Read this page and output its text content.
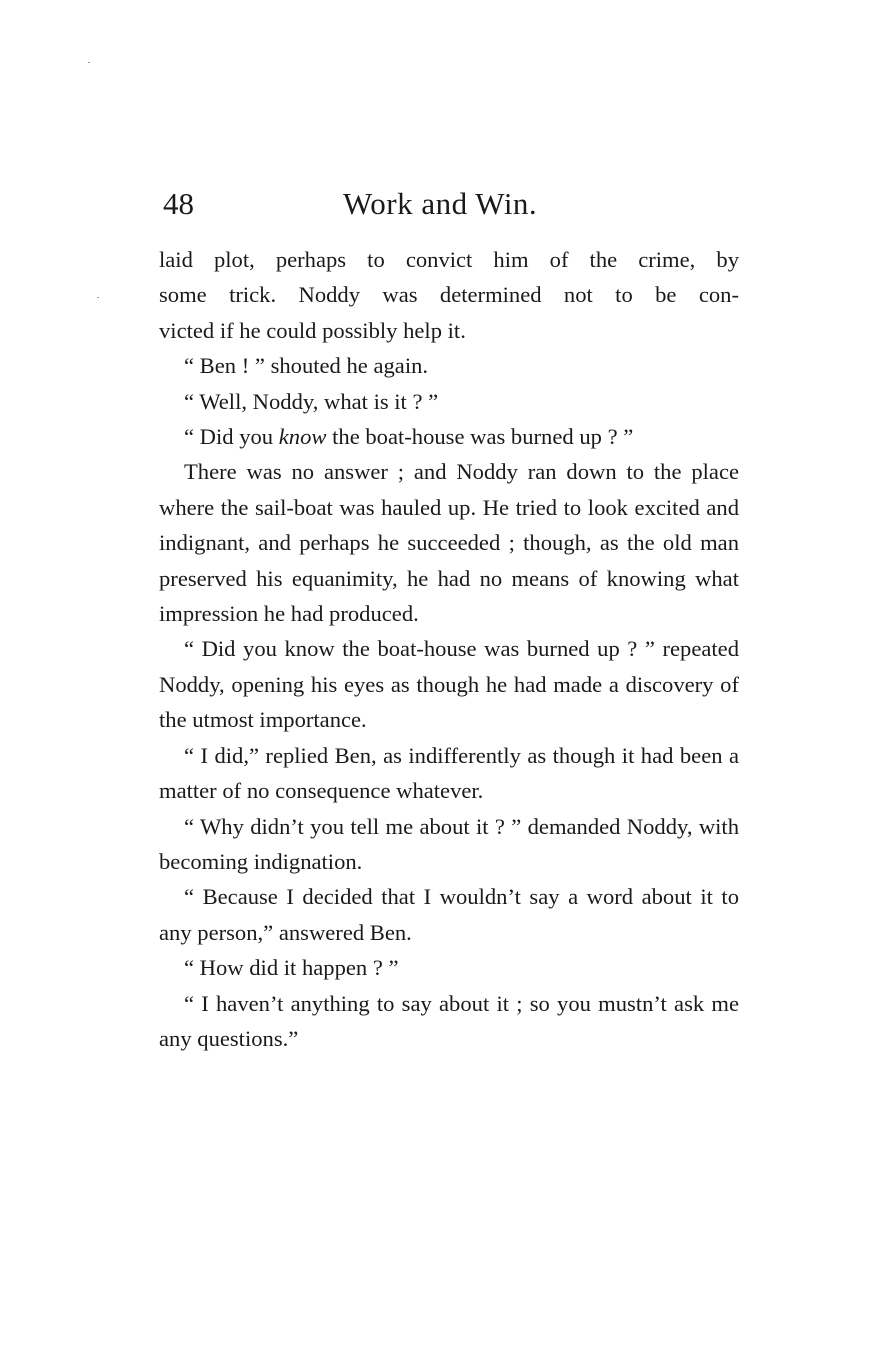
48	Work and Win.

laid plot, perhaps to convict him of the crime, by

some trick. Noddy was determined not to be con-

victed if he could possibly help it.

“ Ben ! ” shouted he again.

“ Well, Noddy, what is it ? ”

“ Did you know the boat-house was burned up ? ”

There was no answer ; and Noddy ran down to the place where the sail-boat was hauled up. He tried to look excited and indignant, and perhaps he succeeded ; though, as the old man preserved his equanimity, he had no means of knowing what impression he had produced.

“ Did you know the boat-house was burned up ? ” repeated Noddy, opening his eyes as though he had made a discovery of the utmost importance.

“ I did,” replied Ben, as indifferently as though it had been a matter of no consequence whatever.

“ Why didn’t you tell me about it ? ” demanded Noddy, with becoming indignation.

“ Because I decided that I wouldn’t say a word about it to any person,” answered Ben.

“ How did it happen ? ”

“ I haven’t anything to say about it ; so you mustn’t ask me any questions.”
